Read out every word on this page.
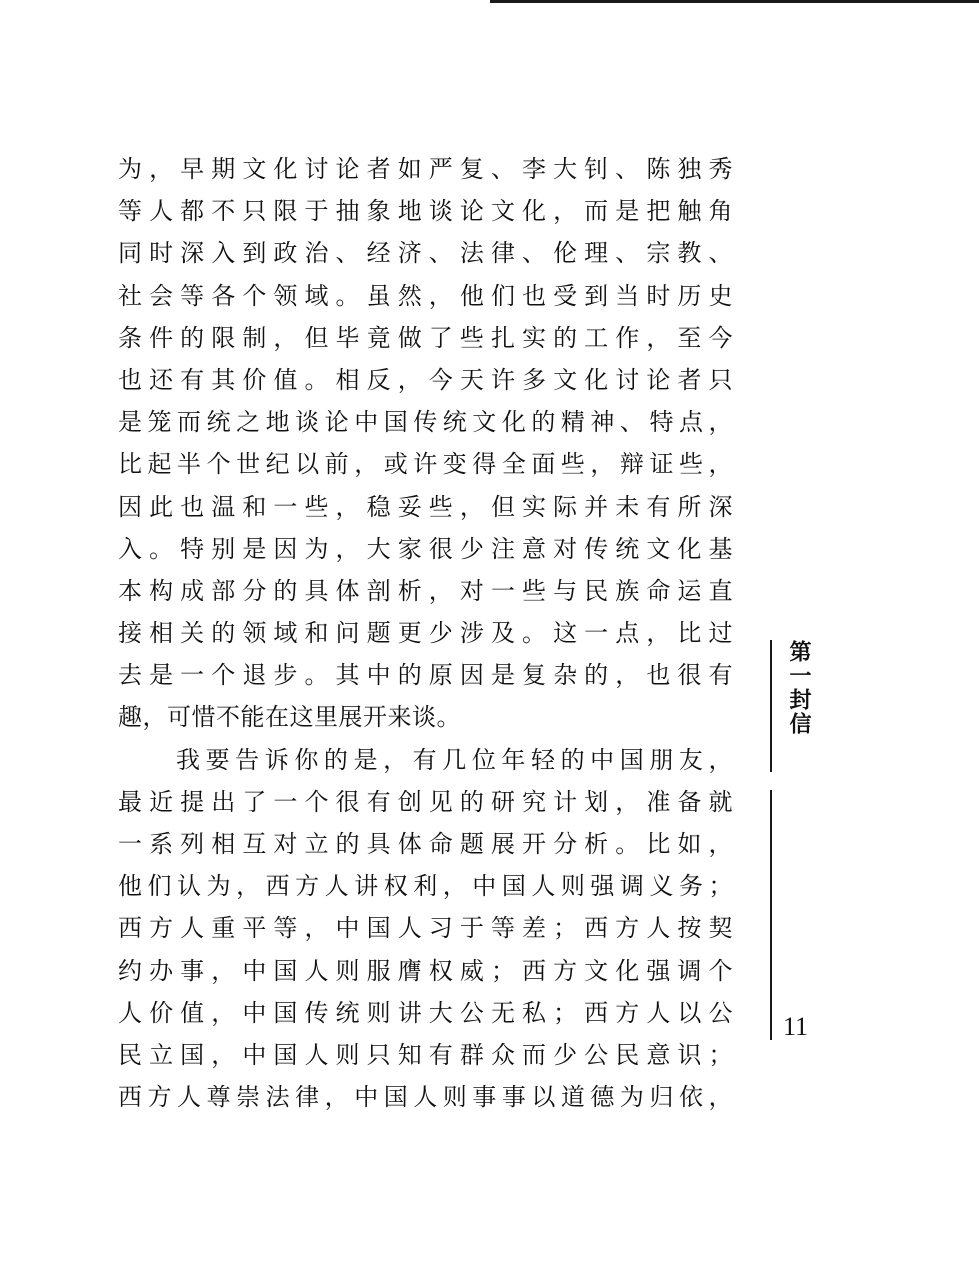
为，早期文化讨论者如严复、李大钊、陈独秀
等人都不只限于抽象地谈论文化，而是把触角
同时深入到政治、经济、法律、伦理、宗教、
社会等各个领域。虽然，他们也受到当时历史
条件的限制，但毕竟做了些扎实的工作，至今
也还有其价值。相反，今天许多文化讨论者只
是笼而统之地谈论中国传统文化的精神、特点，
比起半个世纪以前，或许变得全面些，辩证些，
因此也温和一些，稳妥些，但实际并未有所深
入。特别是因为，大家很少注意对传统文化基
本构成部分的具体剖析，对一些与民族命运直
接相关的领域和问题更少涉及。这一点，比过
去是一个退步。其中的原因是复杂的，也很有
趣，可惜不能在这里展开来谈。
我要告诉你的是，有几位年轻的中国朋友，
最近提出了一个很有创见的研究计划，准备就
一系列相互对立的具体命题展开分析。比如，
他们认为，西方人讲权利，中国人则强调义务；
西方人重平等，中国人习于等差；西方人按契
约办事，中国人则服膺权威；西方文化强调个
人价值，中国传统则讲大公无私；西方人以公
民立国，中国人则只知有群众而少公民意识；
西方人尊崇法律，中国人则事事以道德为归依，
第一封信
11
